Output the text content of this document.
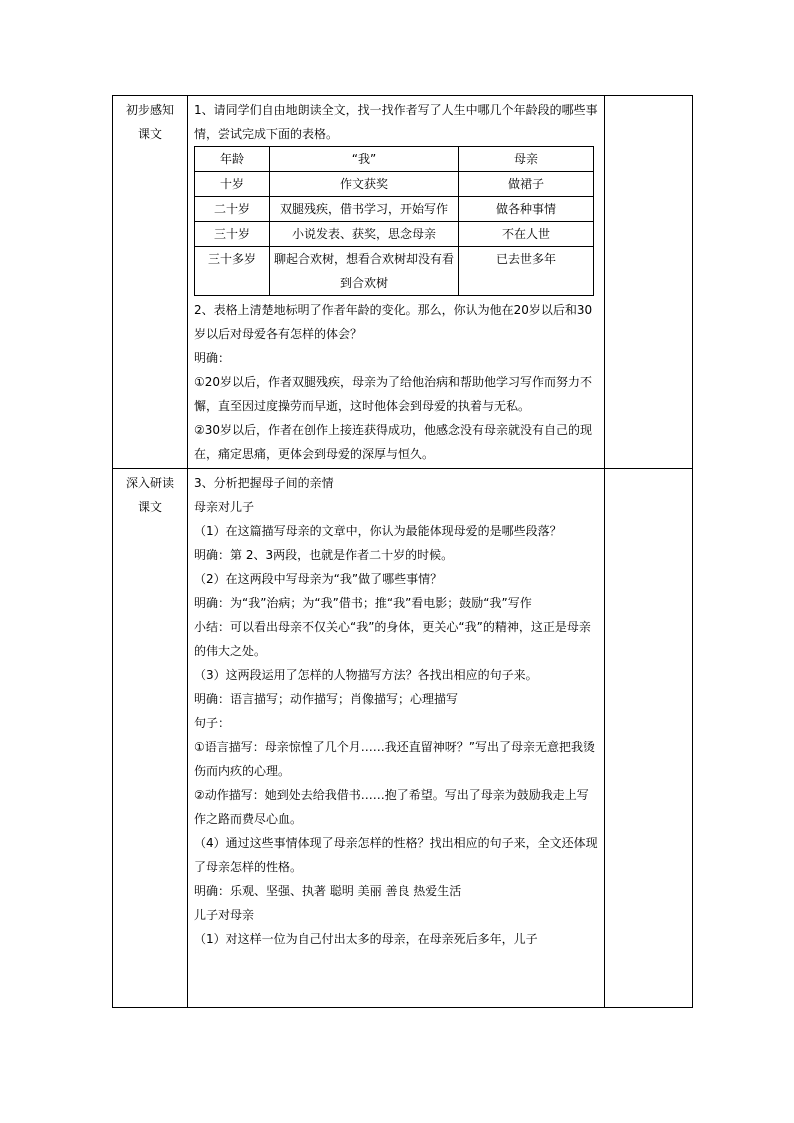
初步感知
课文

1、请同学们自由地朗读全文，找一找作者写了人生中哪几个年龄段的哪些事情，尝试完成下面的表格。

年龄	“我”	母亲
十岁	作文获奖	做裙子
二十岁	双腿残疾，借书学习，开始写作	做各种事情
三十岁	小说发表、获奖，思念母亲	不在人世
三十多岁	聊起合欢树，想看合欢树却没有看到合欢树	已去世多年

2、表格上清楚地标明了作者年龄的变化。那么，你认为他在20岁以后和30岁以后对母爱各有怎样的体会？

明确：

①20岁以后，作者双腿残疾，母亲为了给他治病和帮助他学习写作而努力不懈，直至因过度操劳而早逝，这时他体会到母爱的执着与无私。

②30岁以后，作者在创作上接连获得成功，他感念没有母亲就没有自己的现在，痛定思痛，更体会到母爱的深厚与恒久。

深入研读
课文

3、分析把握母子间的亲情

母亲对儿子

（1）在这篇描写母亲的文章中，你认为最能体现母爱的是哪些段落？

明确：第 2、3两段，也就是作者二十岁的时候。

（2）在这两段中写母亲为“我”做了哪些事情？

明确：为“我”治病；为“我”借书；推“我”看电影；鼓励“我”写作

小结：可以看出母亲不仅关心“我”的身体，更关心“我”的精神，这正是母亲的伟大之处。

（3）这两段运用了怎样的人物描写方法？各找出相应的句子来。

明确：语言描写；动作描写；肖像描写；心理描写

句子：

①语言描写：母亲惊惶了几个月……我还直留神呀？”写出了母亲无意把我烫伤而内疚的心理。

②动作描写：她到处去给我借书……抱了希望。写出了母亲为鼓励我走上写作之路而费尽心血。

（4）通过这些事情体现了母亲怎样的性格？找出相应的句子来，全文还体现了母亲怎样的性格。

明确：乐观、坚强、执著 聪明 美丽 善良 热爱生活

儿子对母亲

（1）对这样一位为自己付出太多的母亲，在母亲死后多年，儿子
